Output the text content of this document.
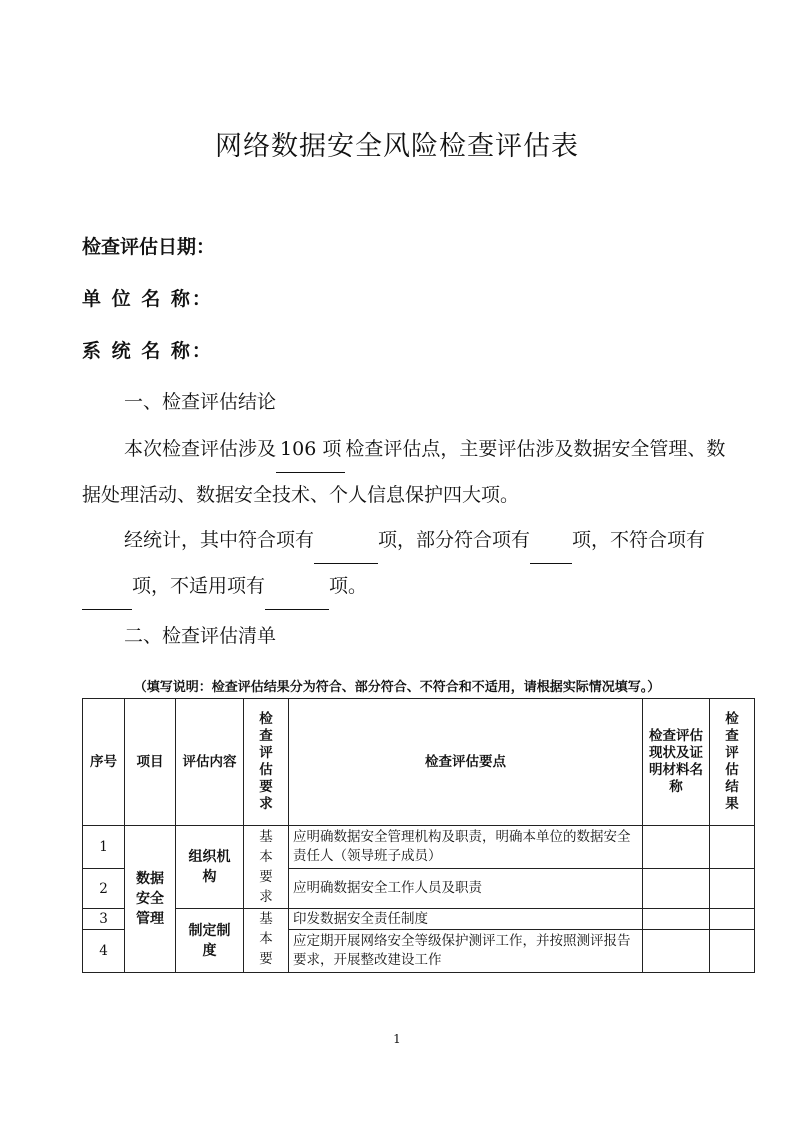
网络数据安全风险检查评估表
检查评估日期：
单 位 名 称：
系 统 名 称：
一、检查评估结论
本次检查评估涉及 106 项 检查评估点，主要评估涉及数据安全管理、数据处理活动、数据安全技术、个人信息保护四大项。
经统计，其中符合项有	项，部分符合项有 项，不符合项有 项，不适用项有	项。
二、检查评估清单
（填写说明：检查评估结果分为符合、部分符合、不符合和不适用，请根据实际情况填写。）
序号	项目	评估内容	检查评估要求	检查评估要点	检查评估现状及证明材料名称	检查评估结果
1	数据安全管理	组织机构	基本要求	应明确数据安全管理机构及职责，明确本单位的数据安全责任人（领导班子成员）		
2				应明确数据安全工作人员及职责		
3		制定制度	基本要	印发数据安全责任制度		
4				应定期开展网络安全等级保护测评工作，并按照测评报告要求，开展整改建设工作		
1
